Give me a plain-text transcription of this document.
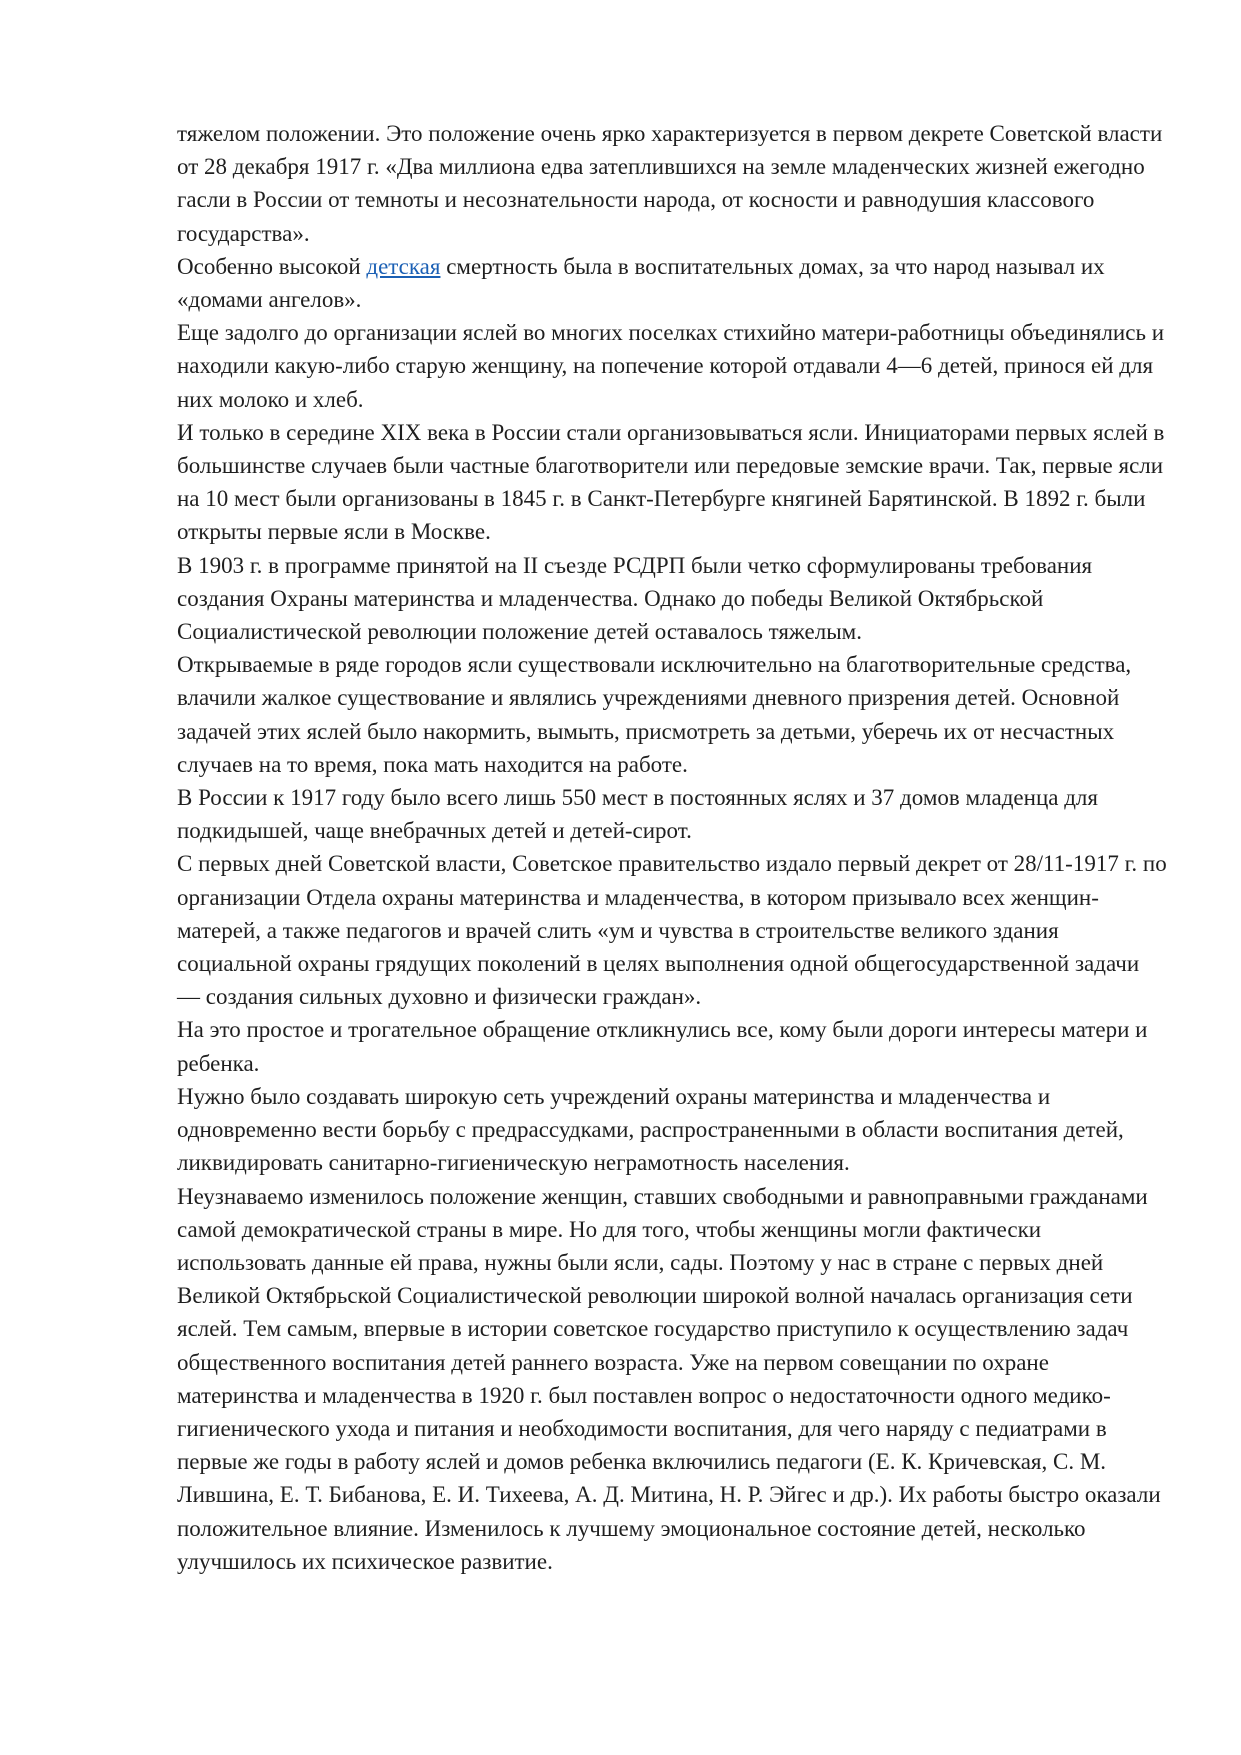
тяжелом положении. Это положение очень ярко характеризуется в первом декрете Советской власти от 28 декабря 1917 г. «Два миллиона едва затеплившихся на земле младенческих жизней ежегодно гасли в России от темноты и несознательности народа, от косности и равнодушия классового государства».

Особенно высокой детская смертность была в воспитательных домах, за что народ называл их «домами ангелов».

Еще задолго до организации яслей во многих поселках стихийно матери-работницы объединялись и находили какую-либо старую женщину, на попечение которой отдавали 4—6 детей, принося ей для них молоко и хлеб.

И только в середине XIX века в России стали организовываться ясли. Инициаторами первых яслей в большинстве случаев были частные благотворители или передовые земские врачи. Так, первые ясли на 10 мест были организованы в 1845 г. в Санкт-Петербурге княгиней Барятинской. В 1892 г. были открыты первые ясли в Москве.

В 1903 г. в программе принятой на II съезде РСДРП были четко сформулированы требования создания Охраны материнства и младенчества. Однако до победы Великой Октябрьской Социалистической революции положение детей оставалось тяжелым.

Открываемые в ряде городов ясли существовали исключительно на благотворительные средства, влачили жалкое существование и являлись учреждениями дневного призрения детей. Основной задачей этих яслей было накормить, вымыть, присмотреть за детьми, уберечь их от несчастных случаев на то время, пока мать находится на работе.

В России к 1917 году было всего лишь 550 мест в постоянных яслях и 37 домов младенца для подкидышей, чаще внебрачных детей и детей-сирот.

С первых дней Советской власти, Советское правительство издало первый декрет от 28/11-1917 г. по организации Отдела охраны материнства и младенчества, в котором призывало всех женщин-матерей, а также педагогов и врачей слить «ум и чувства в строительстве великого здания социальной охраны грядущих поколений в целях выполнения одной общегосударственной задачи — создания сильных духовно и физически граждан».

На это простое и трогательное обращение откликнулись все, кому были дороги интересы матери и ребенка.

Нужно было создавать широкую сеть учреждений охраны материнства и младенчества и одновременно вести борьбу с предрассудками, распространенными в области воспитания детей, ликвидировать санитарно-гигиеническую неграмотность населения.

Неузнаваемо изменилось положение женщин, ставших свободными и равноправными гражданами самой демократической страны в мире. Но для того, чтобы женщины могли фактически использовать данные ей права, нужны были ясли, сады. Поэтому у нас в стране с первых дней Великой Октябрьской Социалистической революции широкой волной началась организация сети яслей. Тем самым, впервые в истории советское государство приступило к осуществлению задач общественного воспитания детей раннего возраста. Уже на первом совещании по охране материнства и младенчества в 1920 г. был поставлен вопрос о недостаточности одного медико-гигиенического ухода и питания и необходимости воспитания, для чего наряду с педиатрами в первые же годы в работу яслей и домов ребенка включились педагоги (Е. К. Кричевская, С. М. Лившина, Е. Т. Бибанова, Е. И. Тихеева, А. Д. Митина, Н. Р. Эйгес и др.). Их работы быстро оказали положительное влияние. Изменилось к лучшему эмоциональное состояние детей, несколько улучшилось их психическое развитие.
